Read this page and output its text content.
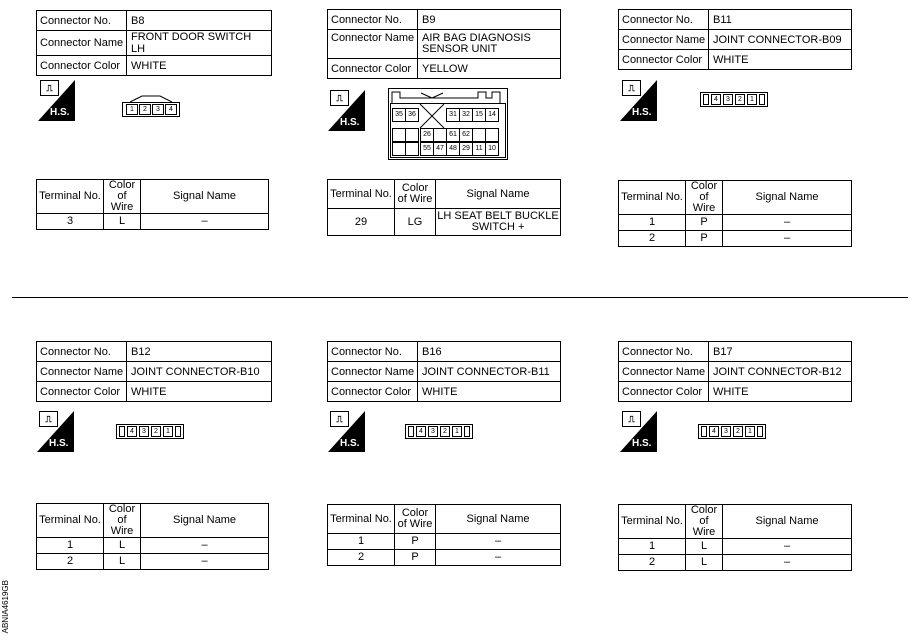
Connector No.	B8
Connector Name	FRONT DOOR SWITCH LH
Connector Color	WHITE
⎍
H.S.	1	2	3	4
Terminal No.	Color of Wire	Signal Name
3	L	–
Connector No.	B9
Connector Name	AIR BAG DIAGNOSIS SENSOR UNIT
Connector Color	YELLOW
⎍
H.S.
35 36	31 32 15 14
26	61 62
55 47 48 29 11 10
Terminal No.	Color of Wire	Signal Name
29	LG	LH SEAT BELT BUCKLE SWITCH +
Connector No.	B11
Connector Name	JOINT CONNECTOR-B09
Connector Color	WHITE
⎍
H.S.
4	3	2	1
Terminal No.	Color of Wire	Signal Name
1	P	–
2	P	–
Connector No.	B12
Connector Name	JOINT CONNECTOR-B10
Connector Color	WHITE
⎍
H.S.
4	3	2	1
Terminal No.	Color of Wire	Signal Name
1	L	–
2	L	–
Connector No.	B16
Connector Name	JOINT CONNECTOR-B11
Connector Color	WHITE
⎍
H.S.
4	3	2	1
Terminal No.	Color of Wire	Signal Name
1	P	–
2	P	–
Connector No.	B17
Connector Name	JOINT CONNECTOR-B12
Connector Color	WHITE
⎍
H.S.
4	3	2	1
Terminal No.	Color of Wire	Signal Name
1	L	–
2	L	–
ABNIA4619GB
